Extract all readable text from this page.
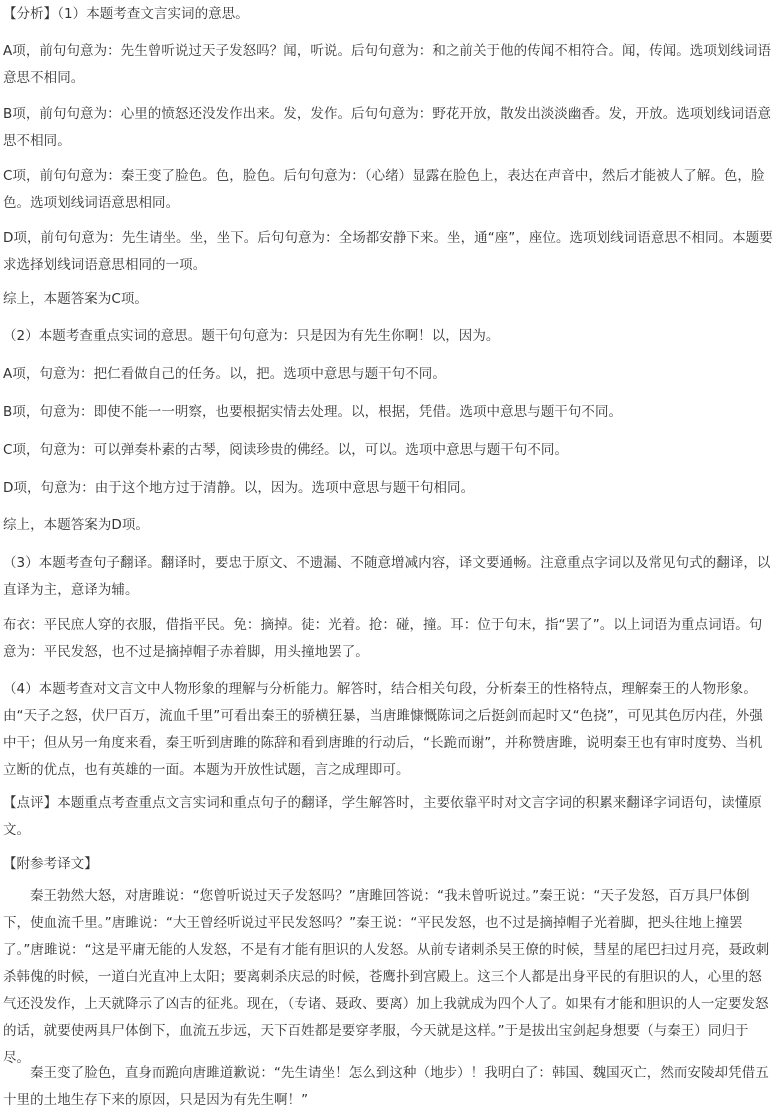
【分析】（1）本题考查文言实词的意思。

A项，前句句意为：先生曾听说过天子发怒吗？闻，听说。后句句意为：和之前关于他的传闻不相符合。闻，传闻。选项划线词语意思不相同。

B项，前句句意为：心里的愤怒还没发作出来。发，发作。后句句意为：野花开放，散发出淡淡幽香。发，开放。选项划线词语意思不相同。

C项，前句句意为：秦王变了脸色。色，脸色。后句句意为：（心绪）显露在脸色上，表达在声音中，然后才能被人了解。色，脸色。选项划线词语意思相同。

D项，前句句意为：先生请坐。坐，坐下。后句句意为：全场都安静下来。坐，通“座”，座位。选项划线词语意思不相同。本题要求选择划线词语意思相同的一项。

综上，本题答案为C项。

（2）本题考查重点实词的意思。题干句句意为：只是因为有先生你啊！以，因为。

A项，句意为：把仁看做自己的任务。以，把。选项中意思与题干句不同。

B项，句意为：即使不能一一明察，也要根据实情去处理。以，根据，凭借。选项中意思与题干句不同。

C项，句意为：可以弹奏朴素的古琴，阅读珍贵的佛经。以，可以。选项中意思与题干句不同。

D项，句意为：由于这个地方过于清静。以，因为。选项中意思与题干句相同。

综上，本题答案为D项。

（3）本题考查句子翻译。翻译时，要忠于原文、不遗漏、不随意增减内容，译文要通畅。注意重点字词以及常见句式的翻译，以直译为主，意译为辅。

布衣：平民庶人穿的衣服，借指平民。免：摘掉。徒：光着。抢：碰，撞。耳：位于句末，指“罢了”。以上词语为重点词语。句意为：平民发怒，也不过是摘掉帽子赤着脚，用头撞地罢了。

（4）本题考查对文言文中人物形象的理解与分析能力。解答时，结合相关句段，分析秦王的性格特点，理解秦王的人物形象。由“天子之怒，伏尸百万，流血千里”可看出秦王的骄横狂暴，当唐雎慷慨陈词之后挺剑而起时又“色挠”，可见其色厉内荏，外强中干；但从另一角度来看，秦王听到唐雎的陈辞和看到唐雎的行动后，“长跪而谢”，并称赞唐雎，说明秦王也有审时度势、当机立断的优点，也有英雄的一面。本题为开放性试题，言之成理即可。

【点评】本题重点考查重点文言实词和重点句子的翻译，学生解答时，主要依靠平时对文言字词的积累来翻译字词语句，读懂原文。

【附参考译文】

秦王勃然大怒，对唐雎说：“您曾听说过天子发怒吗？”唐雎回答说：“我未曾听说过。”秦王说：“天子发怒，百万具尸体倒下，使血流千里。”唐雎说：“大王曾经听说过平民发怒吗？”秦王说：“平民发怒，也不过是摘掉帽子光着脚，把头往地上撞罢了。”唐雎说：“这是平庸无能的人发怒，不是有才能有胆识的人发怒。从前专诸刺杀吴王僚的时候，彗星的尾巴扫过月亮，聂政刺杀韩傀的时候，一道白光直冲上太阳；要离刺杀庆忌的时候，苍鹰扑到宫殿上。这三个人都是出身平民的有胆识的人，心里的怒气还没发作，上天就降示了凶吉的征兆。现在，（专诸、聂政、要离）加上我就成为四个人了。如果有才能和胆识的人一定要发怒的话，就要使两具尸体倒下，血流五步远，天下百姓都是要穿孝服，今天就是这样。”于是拔出宝剑起身想要（与秦王）同归于尽。

秦王变了脸色，直身而跪向唐雎道歉说：“先生请坐！怎么到这种（地步）！我明白了：韩国、魏国灭亡，然而安陵却凭借五十里的土地生存下来的原因，只是因为有先生啊！”
